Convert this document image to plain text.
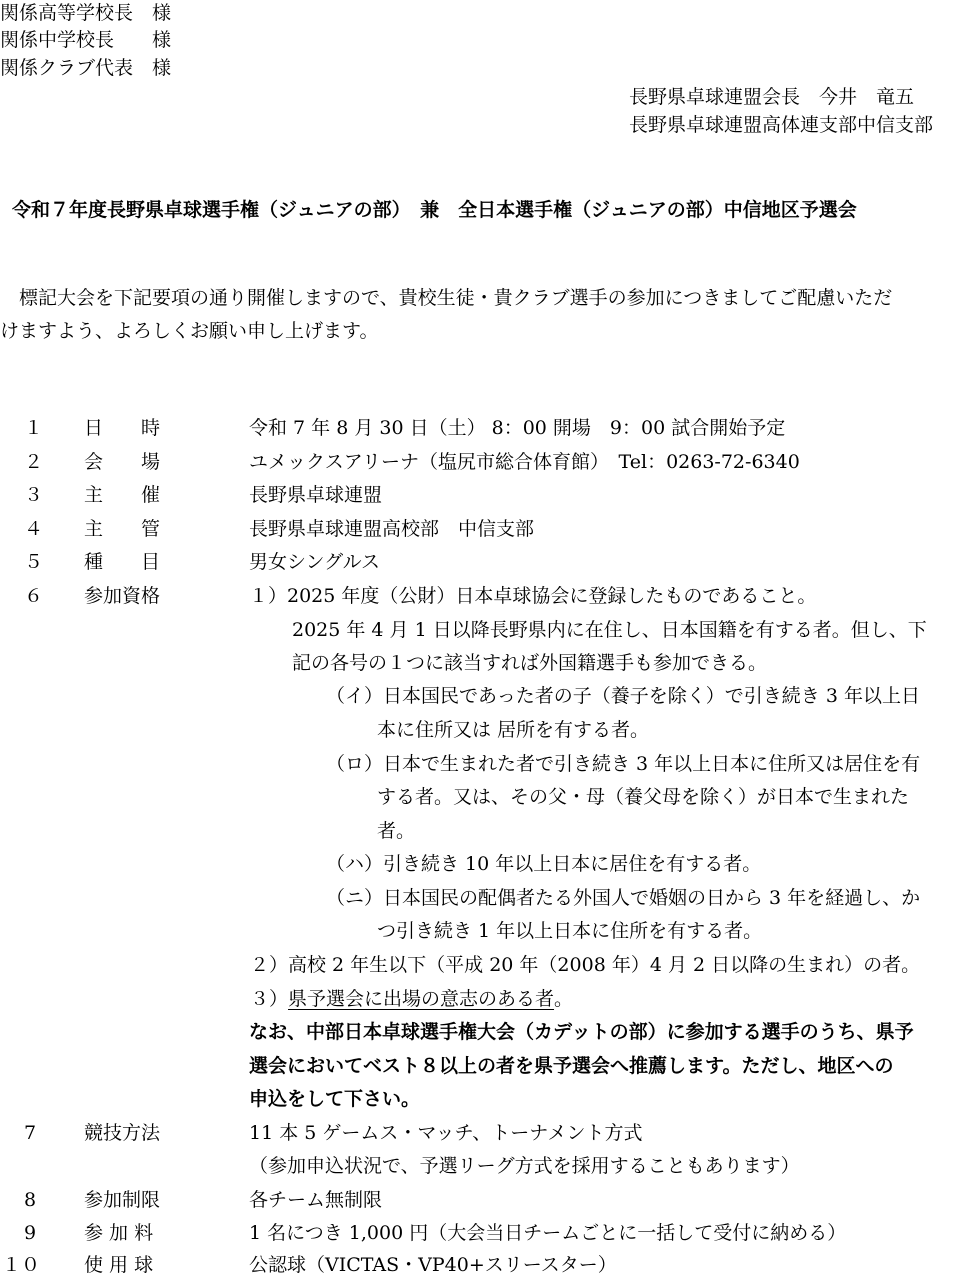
関係高等学校長　様
関係中学校長　　様
関係クラブ代表　様
長野県卓球連盟会長　今井　竜五
長野県卓球連盟高体連支部中信支部
令和７年度長野県卓球選手権（ジュニアの部）　兼　全日本選手権（ジュニアの部）中信地区予選会
標記大会を下記要項の通り開催しますので、貴校生徒・貴クラブ選手の参加につきましてご配慮いただ
けますよう、よろしくお願い申し上げます。
１ 日　　時	令和 7 年 8 月 30 日（土） 8：00 開場　9：00 試合開始予定
２ 会　　場	ユメックスアリーナ（塩尻市総合体育館）　Tel：0263-72-6340
３ 主　　催	長野県卓球連盟
４ 主　　管	長野県卓球連盟高校部　中信支部
５ 種　　目	男女シングルス
６ 参加資格	１）2025 年度（公財）日本卓球協会に登録したものであること。
2025 年 4 月 1 日以降長野県内に在住し、日本国籍を有する者。但し、下
記の各号の１つに該当すれば外国籍選手も参加できる。
（イ）日本国民であった者の子（養子を除く）で引き続き 3 年以上日
本に住所又は 居所を有する者。
（ロ）日本で生まれた者で引き続き 3 年以上日本に住所又は居住を有
する者。又は、その父・母（養父母を除く）が日本で生まれた
者。
（ハ）引き続き 10 年以上日本に居住を有する者。
（ニ）日本国民の配偶者たる外国人で婚姻の日から 3 年を経過し、か
つ引き続き 1 年以上日本に住所を有する者。
２）高校 2 年生以下（平成 20 年（2008 年）4 月 2 日以降の生まれ）の者。
３）県予選会に出場の意志のある者。
なお、中部日本卓球選手権大会（カデットの部）に参加する選手のうち、県予
選会においてベスト８以上の者を県予選会へ推薦します。ただし、地区への
申込をして下さい。
7	競技方法	11 本 5 ゲームス・マッチ、トーナメント方式
（参加申込状況で、予選リーグ方式を採用することもあります）
8	参加制限	各チーム無制限
9	参 加 料	1 名につき 1,000 円（大会当日チームごとに一括して受付に納める）
１０ 使 用 球	公認球（VICTAS・VP40+スリースター）
